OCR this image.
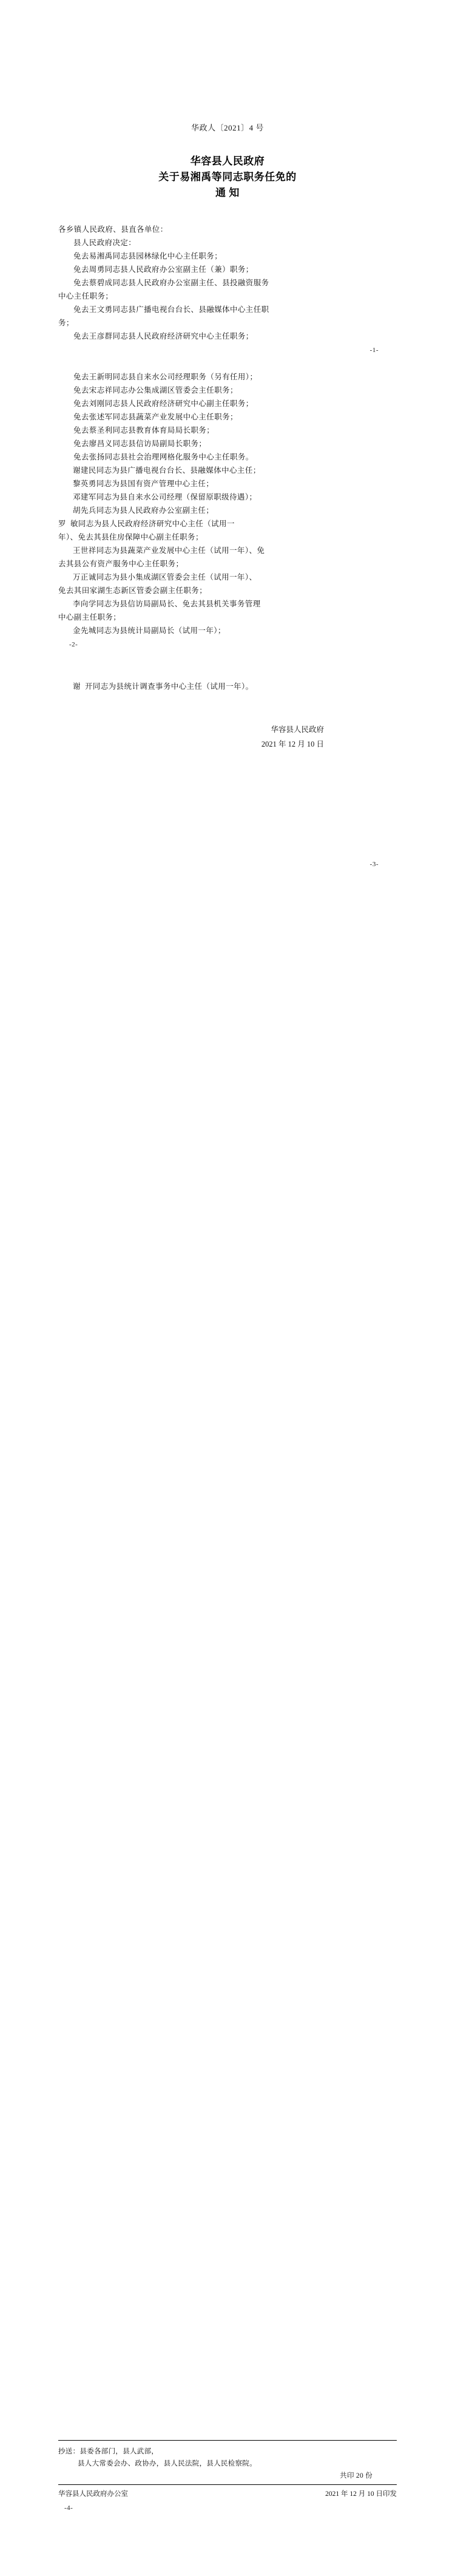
华政人〔2021〕4 号
华容县人民政府
关于易湘禹等同志职务任免的
通 知

各乡镇人民政府、县直各单位：

县人民政府决定：

免去易湘禹同志县园林绿化中心主任职务；

免去周勇同志县人民政府办公室副主任（兼）职务；

免去蔡碧成同志县人民政府办公室副主任、县投融资服务

中心主任职务；

免去王文勇同志县广播电视台台长、县融媒体中心主任职

务；

免去王彦群同志县人民政府经济研究中心主任职务；

-1-

免去王新明同志县自来水公司经理职务（另有任用）；

免去宋志祥同志办公集成湖区管委会主任职务；

免去刘刚同志县人民政府经济研究中心副主任职务；

免去张述军同志县蔬菜产业发展中心主任职务；

免去蔡圣利同志县教育体育局局长职务；

免去廖昌义同志县信访局副局长职务；

免去张扬同志县社会治理网格化服务中心主任职务。

谢建民同志为县广播电视台台长、县融媒体中心主任；

黎英勇同志为县国有资产管理中心主任；

邓建军同志为县自来水公司经理（保留原职级待遇）；

胡先兵同志为县人民政府办公室副主任；

罗  敏同志为县人民政府经济研究中心主任（试用一

年）、免去其县住房保障中心副主任职务；

王世祥同志为县蔬菜产业发展中心主任（试用一年）、免

去其县公有资产服务中心主任职务；

万正诚同志为县小集成湖区管委会主任（试用一年）、

免去其田家湖生态新区管委会副主任职务；

李向学同志为县信访局副局长、免去其县机关事务管理

中心副主任职务；

金先城同志为县统计局副局长（试用一年）；

-2-

谢  开同志为县统计调查事务中心主任（试用一年）。

华容县人民政府
2021 年 12 月 10 日
-3-
抄送：县委各部门，县人武部，
县人大常委会办、政协办，县人民法院，县人民检察院。
共印 20 份
华容县人民政府办公室	2021 年 12 月 10 日印发
-4-
